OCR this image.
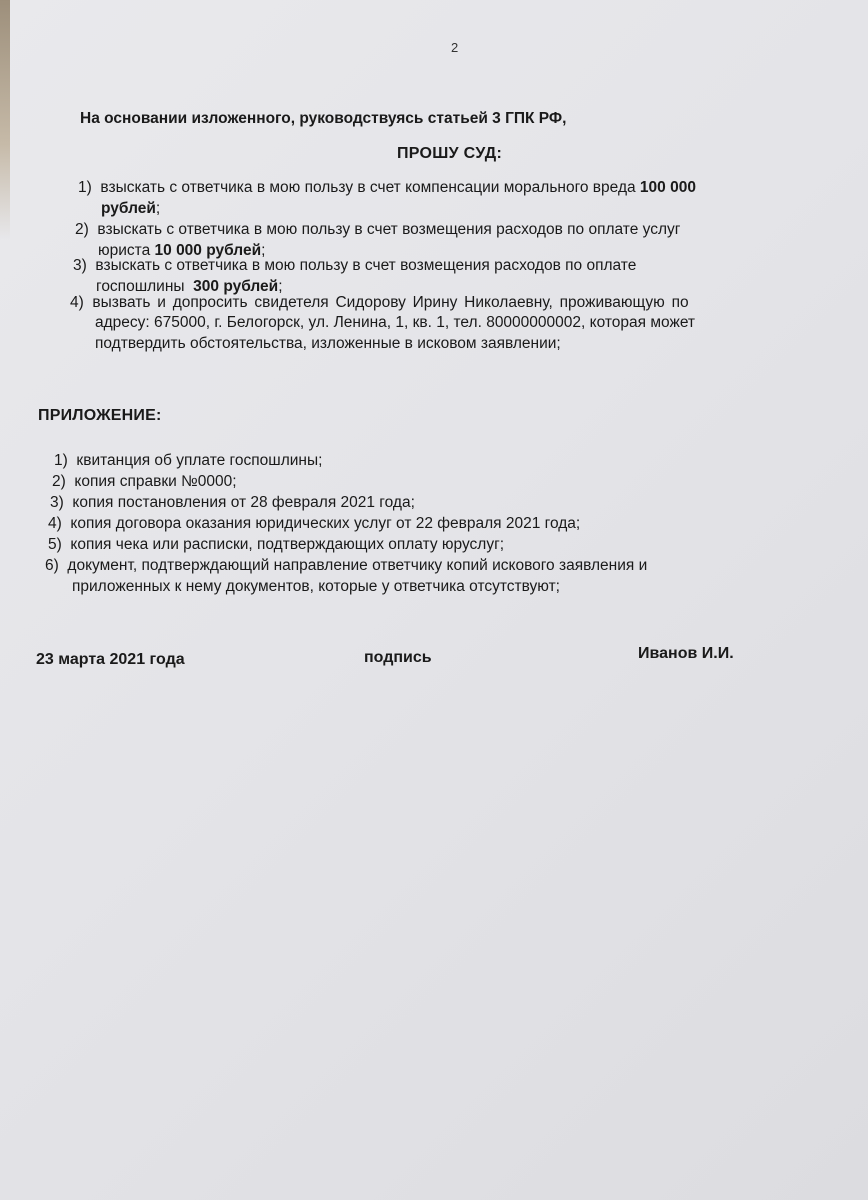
2
На основании изложенного, руководствуясь статьей 3 ГПК РФ,
ПРОШУ СУД:
1) взыскать с ответчика в мою пользу в счет компенсации морального вреда 100 000
рублей;
2) взыскать с ответчика в мою пользу в счет возмещения расходов по оплате услуг
юриста 10 000 рублей;
3) взыскать с ответчика в мою пользу в счет возмещения расходов по оплате
госпошлины  300 рублей;
4) вызвать и допросить свидетеля Сидорову Ирину Николаевну, проживающую по
адресу: 675000, г. Белогорск, ул. Ленина, 1, кв. 1, тел. 80000000002, которая может
подтвердить обстоятельства, изложенные в исковом заявлении;
ПРИЛОЖЕНИЕ:
1) квитанция об уплате госпошлины;
2) копия справки №0000;
3) копия постановления от 28 февраля 2021 года;
4) копия договора оказания юридических услуг от 22 февраля 2021 года;
5) копия чека или расписки, подтверждающих оплату юруслуг;
6) документ, подтверждающий направление ответчику копий искового заявления и
приложенных к нему документов, которые у ответчика отсутствуют;
23 марта 2021 года	подпись	Иванов И.И.
